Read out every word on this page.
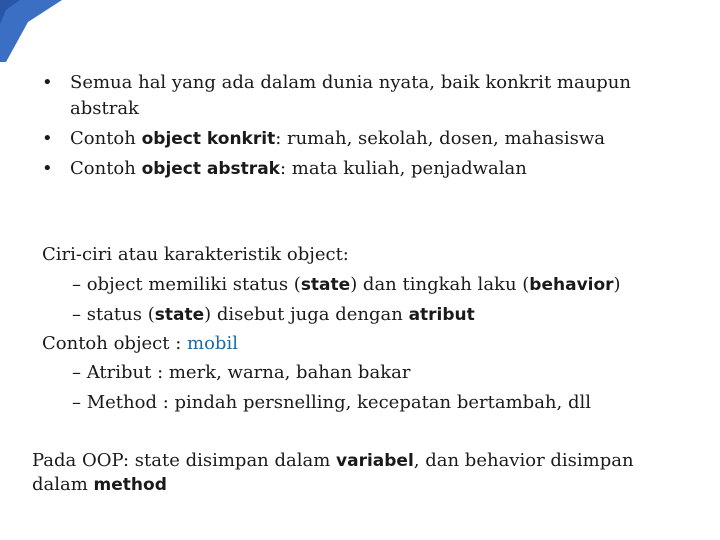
• Semua hal yang ada dalam dunia nyata, baik konkrit maupun
abstrak
• Contoh object konkrit: rumah, sekolah, dosen, mahasiswa
• Contoh object abstrak: mata kuliah, penjadwalan
Ciri-ciri atau karakteristik object:
– object memiliki status (state) dan tingkah laku (behavior)
– status (state) disebut juga dengan atribut
Contoh object : mobil
– Atribut : merk, warna, bahan bakar
– Method : pindah persnelling, kecepatan bertambah, dll
Pada OOP: state disimpan dalam variabel, dan behavior disimpan
dalam method
